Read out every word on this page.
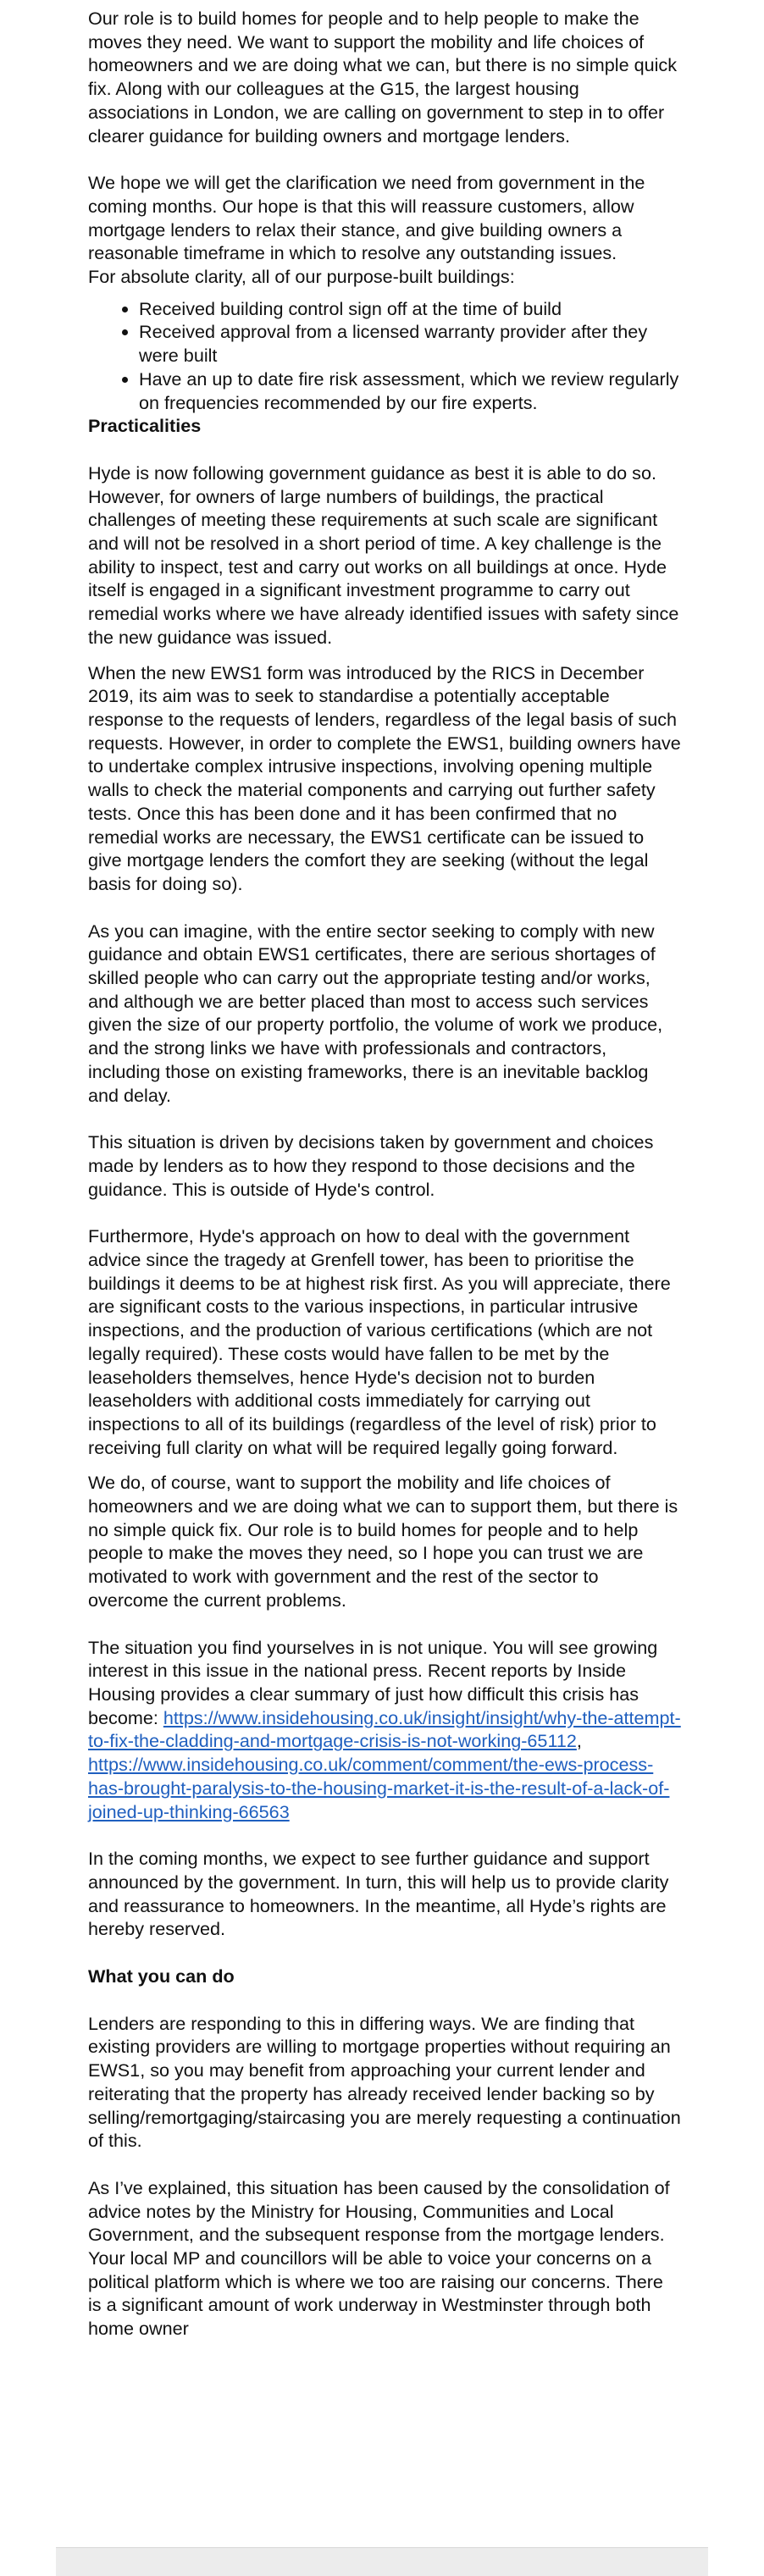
Our role is to build homes for people and to help people to make the moves they need. We want to support the mobility and life choices of homeowners and we are doing what we can, but there is no simple quick fix. Along with our colleagues at the G15, the largest housing associations in London, we are calling on government to step in to offer clearer guidance for building owners and mortgage lenders.

We hope we will get the clarification we need from government in the coming months. Our hope is that this will reassure customers, allow mortgage lenders to relax their stance, and give building owners a reasonable timeframe in which to resolve any outstanding issues.

For absolute clarity, all of our purpose-built buildings:

• Received building control sign off at the time of build
• Received approval from a licensed warranty provider after they were built
• Have an up to date fire risk assessment, which we review regularly on frequencies recommended by our fire experts.
Practicalities

Hyde is now following government guidance as best it is able to do so. However, for owners of large numbers of buildings, the practical challenges of meeting these requirements at such scale are significant and will not be resolved in a short period of time. A key challenge is the ability to inspect, test and carry out works on all buildings at once. Hyde itself is engaged in a significant investment programme to carry out remedial works where we have already identified issues with safety since the new guidance was issued.

When the new EWS1 form was introduced by the RICS in December 2019, its aim was to seek to standardise a potentially acceptable response to the requests of lenders, regardless of the legal basis of such requests. However, in order to complete the EWS1, building owners have to undertake complex intrusive inspections, involving opening multiple walls to check the material components and carrying out further safety tests. Once this has been done and it has been confirmed that no remedial works are necessary, the EWS1 certificate can be issued to give mortgage lenders the comfort they are seeking (without the legal basis for doing so).

As you can imagine, with the entire sector seeking to comply with new guidance and obtain EWS1 certificates, there are serious shortages of skilled people who can carry out the appropriate testing and/or works, and although we are better placed than most to access such services given the size of our property portfolio, the volume of work we produce, and the strong links we have with professionals and contractors, including those on existing frameworks, there is an inevitable backlog and delay.

This situation is driven by decisions taken by government and choices made by lenders as to how they respond to those decisions and the guidance. This is outside of Hyde's control.

Furthermore, Hyde's approach on how to deal with the government advice since the tragedy at Grenfell tower, has been to prioritise the buildings it deems to be at highest risk first. As you will appreciate, there are significant costs to the various inspections, in particular intrusive inspections, and the production of various certifications (which are not legally required). These costs would have fallen to be met by the leaseholders themselves, hence Hyde's decision not to burden leaseholders with additional costs immediately for carrying out inspections to all of its buildings (regardless of the level of risk) prior to receiving full clarity on what will be required legally going forward.

We do, of course, want to support the mobility and life choices of homeowners and we are doing what we can to support them, but there is no simple quick fix. Our role is to build homes for people and to help people to make the moves they need, so I hope you can trust we are motivated to work with government and the rest of the sector to overcome the current problems.

The situation you find yourselves in is not unique. You will see growing interest in this issue in the national press. Recent reports by Inside Housing provides a clear summary of just how difficult this crisis has become: https://www.insidehousing.co.uk/insight/insight/why-the-attempt-to-fix-the-cladding-and-mortgage-crisis-is-not-working-65112, https://www.insidehousing.co.uk/comment/comment/the-ews-process-has-brought-paralysis-to-the-housing-market-it-is-the-result-of-a-lack-of-joined-up-thinking-66563

In the coming months, we expect to see further guidance and support announced by the government. In turn, this will help us to provide clarity and reassurance to homeowners. In the meantime, all Hyde’s rights are hereby reserved.

What you can do

Lenders are responding to this in differing ways. We are finding that existing providers are willing to mortgage properties without requiring an EWS1, so you may benefit from approaching your current lender and reiterating that the property has already received lender backing so by selling/remortgaging/staircasing you are merely requesting a continuation of this.

As I’ve explained, this situation has been caused by the consolidation of advice notes by the Ministry for Housing, Communities and Local Government, and the subsequent response from the mortgage lenders. Your local MP and councillors will be able to voice your concerns on a political platform which is where we too are raising our concerns. There is a significant amount of work underway in Westminster through both home owner
